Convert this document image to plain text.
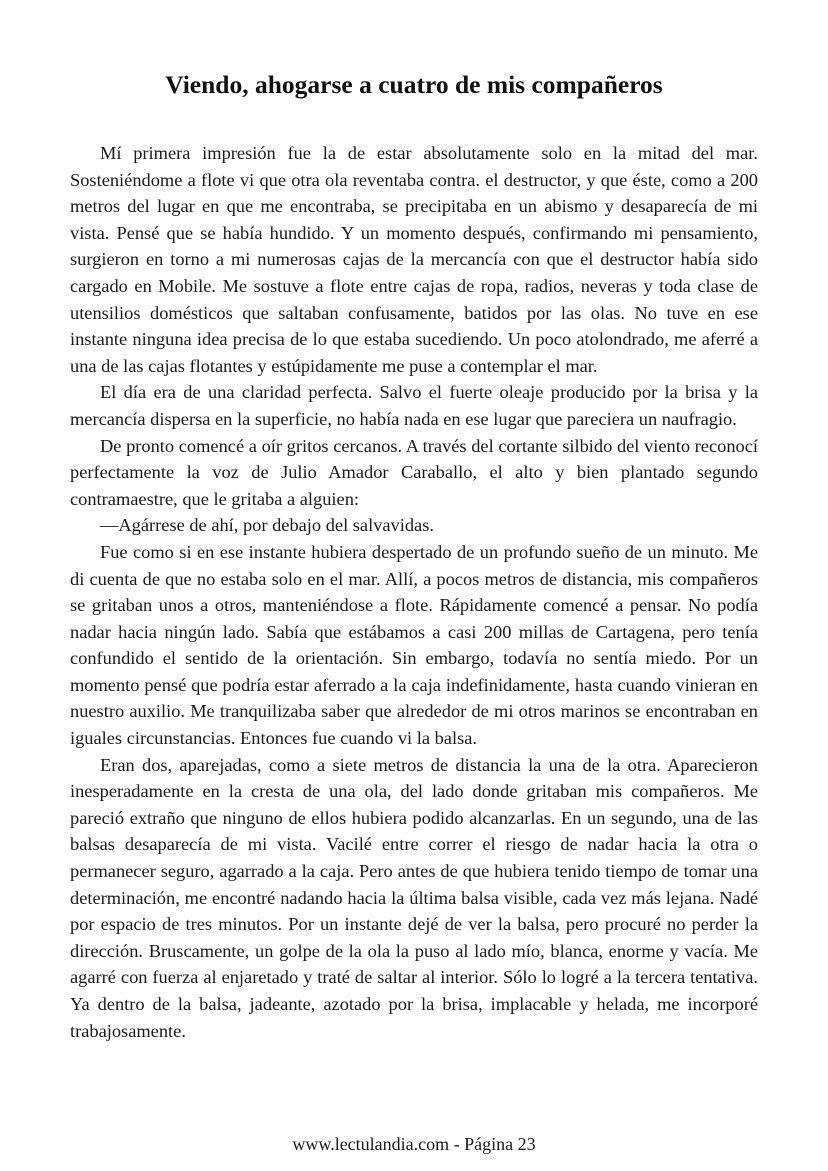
Viendo, ahogarse a cuatro de mis compañeros

Mí primera impresión fue la de estar absolutamente solo en la mitad del mar. Sosteniéndome a flote vi que otra ola reventaba contra. el destructor, y que éste, como a 200 metros del lugar en que me encontraba, se precipitaba en un abismo y desaparecía de mi vista. Pensé que se había hundido. Y un momento después, confirmando mi pensamiento, surgieron en torno a mi numerosas cajas de la mercancía con que el destructor había sido cargado en Mobile. Me sostuve a flote entre cajas de ropa, radios, neveras y toda clase de utensilios domésticos que saltaban confusamente, batidos por las olas. No tuve en ese instante ninguna idea precisa de lo que estaba sucediendo. Un poco atolondrado, me aferré a una de las cajas flotantes y estúpidamente me puse a contemplar el mar.

El día era de una claridad perfecta. Salvo el fuerte oleaje producido por la brisa y la mercancía dispersa en la superficie, no había nada en ese lugar que pareciera un naufragio.

De pronto comencé a oír gritos cercanos. A través del cortante silbido del viento reconocí perfectamente la voz de Julio Amador Caraballo, el alto y bien plantado segundo contramaestre, que le gritaba a alguien:

—Agárrese de ahí, por debajo del salvavidas.

Fue como si en ese instante hubiera despertado de un profundo sueño de un minuto. Me di cuenta de que no estaba solo en el mar. Allí, a pocos metros de distancia, mis compañeros se gritaban unos a otros, manteniéndose a flote. Rápidamente comencé a pensar. No podía nadar hacia ningún lado. Sabía que estábamos a casi 200 millas de Cartagena, pero tenía confundido el sentido de la orientación. Sin embargo, todavía no sentía miedo. Por un momento pensé que podría estar aferrado a la caja indefinidamente, hasta cuando vinieran en nuestro auxilio. Me tranquilizaba saber que alrededor de mi otros marinos se encontraban en iguales circunstancias. Entonces fue cuando vi la balsa.

Eran dos, aparejadas, como a siete metros de distancia la una de la otra. Aparecieron inesperadamente en la cresta de una ola, del lado donde gritaban mis compañeros. Me pareció extraño que ninguno de ellos hubiera podido alcanzarlas. En un segundo, una de las balsas desaparecía de mi vista. Vacilé entre correr el riesgo de nadar hacia la otra o permanecer seguro, agarrado a la caja. Pero antes de que hubiera tenido tiempo de tomar una determinación, me encontré nadando hacia la última balsa visible, cada vez más lejana. Nadé por espacio de tres minutos. Por un instante dejé de ver la balsa, pero procuré no perder la dirección. Bruscamente, un golpe de la ola la puso al lado mío, blanca, enorme y vacía. Me agarré con fuerza al enjaretado y traté de saltar al interior. Sólo lo logré a la tercera tentativa. Ya dentro de la balsa, jadeante, azotado por la brisa, implacable y helada, me incorporé trabajosamente.

www.lectulandia.com - Página 23
